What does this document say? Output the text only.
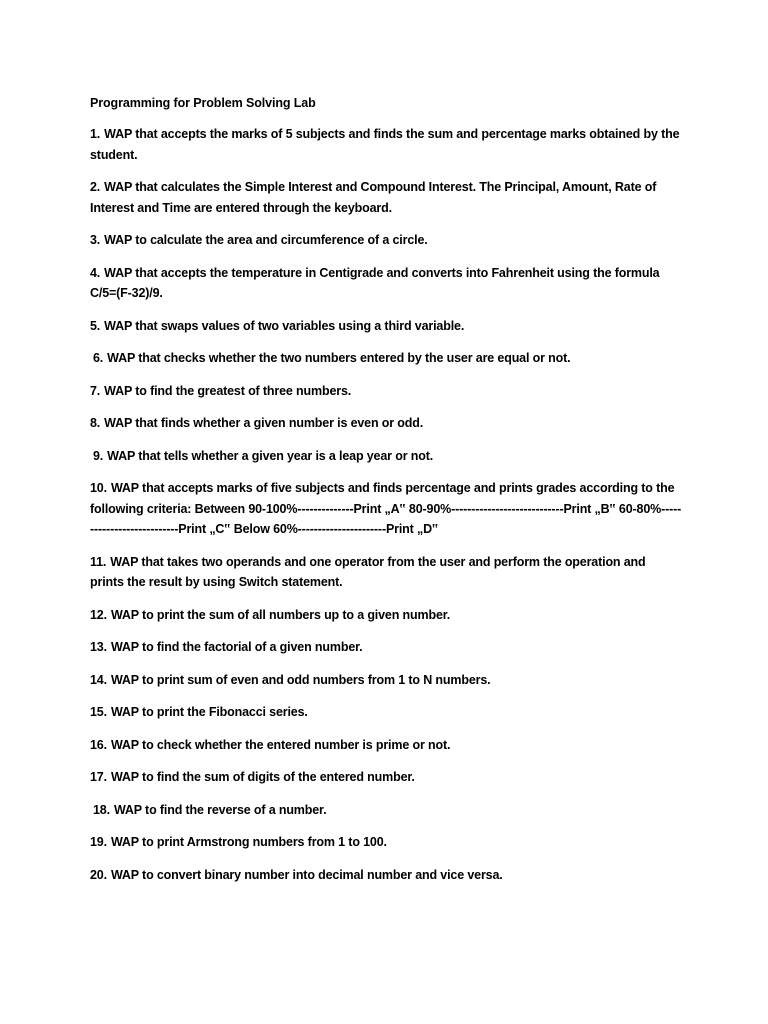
Programming for Problem Solving Lab
1. WAP that accepts the marks of 5 subjects and finds the sum and percentage marks obtained by the student.
2. WAP that calculates the Simple Interest and Compound Interest. The Principal, Amount, Rate of Interest and Time are entered through the keyboard.
3. WAP to calculate the area and circumference of a circle.
4. WAP that accepts the temperature in Centigrade and converts into Fahrenheit using the formula C/5=(F-32)/9.
5. WAP that swaps values of two variables using a third variable.
6. WAP that checks whether the two numbers entered by the user are equal or not.
7. WAP to find the greatest of three numbers.
8. WAP that finds whether a given number is even or odd.
9. WAP that tells whether a given year is a leap year or not.
10. WAP that accepts marks of five subjects and finds percentage and prints grades according to the following criteria: Between 90-100%--------------Print „A‟ 80-90%----------------------------Print „B‟ 60-80%---------------------------Print „C‟ Below 60%----------------------Print „D‟
11. WAP that takes two operands and one operator from the user and perform the operation and prints the result by using Switch statement.
12. WAP to print the sum of all numbers up to a given number.
13. WAP to find the factorial of a given number.
14. WAP to print sum of even and odd numbers from 1 to N numbers.
15. WAP to print the Fibonacci series.
16. WAP to check whether the entered number is prime or not.
17. WAP to find the sum of digits of the entered number.
18. WAP to find the reverse of a number.
19. WAP to print Armstrong numbers from 1 to 100.
20. WAP to convert binary number into decimal number and vice versa.
